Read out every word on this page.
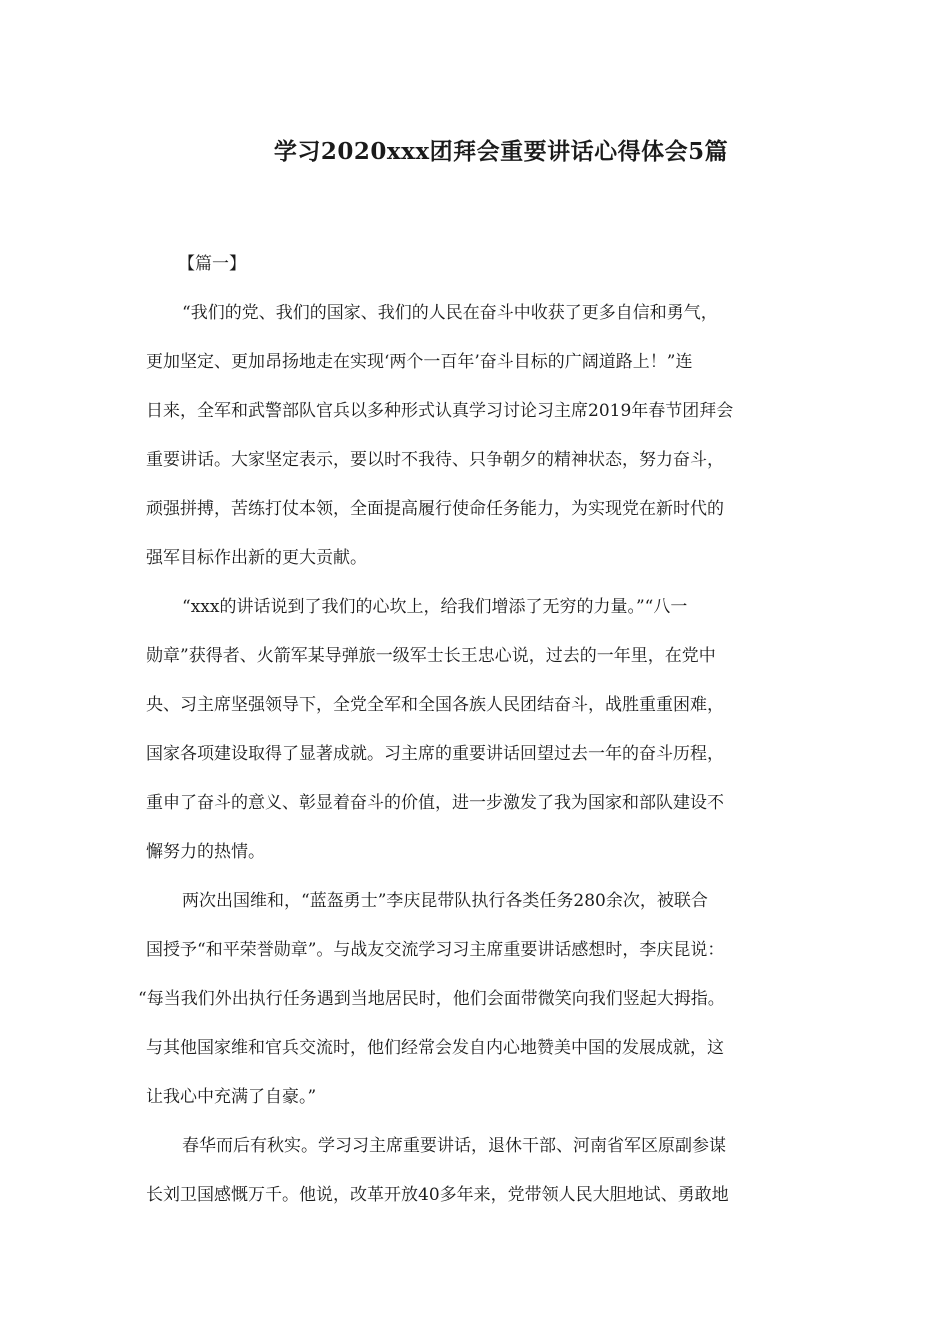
学习2020xxx团拜会重要讲话心得体会5篇
【篇一】
“我们的党、我们的国家、我们的人民在奋斗中收获了更多自信和勇气，
更加坚定、更加昂扬地走在实现‘两个一百年’奋斗目标的广阔道路上！”连
日来，全军和武警部队官兵以多种形式认真学习讨论习主席2019年春节团拜会
重要讲话。大家坚定表示，要以时不我待、只争朝夕的精神状态，努力奋斗，
顽强拼搏，苦练打仗本领，全面提高履行使命任务能力，为实现党在新时代的
强军目标作出新的更大贡献。
“xxx的讲话说到了我们的心坎上，给我们增添了无穷的力量。”“八一
勋章”获得者、火箭军某导弹旅一级军士长王忠心说，过去的一年里，在党中
央、习主席坚强领导下，全党全军和全国各族人民团结奋斗，战胜重重困难，
国家各项建设取得了显著成就。习主席的重要讲话回望过去一年的奋斗历程，
重申了奋斗的意义、彰显着奋斗的价值，进一步激发了我为国家和部队建设不
懈努力的热情。
两次出国维和，“蓝盔勇士”李庆昆带队执行各类任务280余次，被联合
国授予“和平荣誉勋章”。与战友交流学习习主席重要讲话感想时，李庆昆说：
“每当我们外出执行任务遇到当地居民时，他们会面带微笑向我们竖起大拇指。
与其他国家维和官兵交流时，他们经常会发自内心地赞美中国的发展成就，这
让我心中充满了自豪。”
春华而后有秋实。学习习主席重要讲话，退休干部、河南省军区原副参谋
长刘卫国感慨万千。他说，改革开放40多年来，党带领人民大胆地试、勇敢地
